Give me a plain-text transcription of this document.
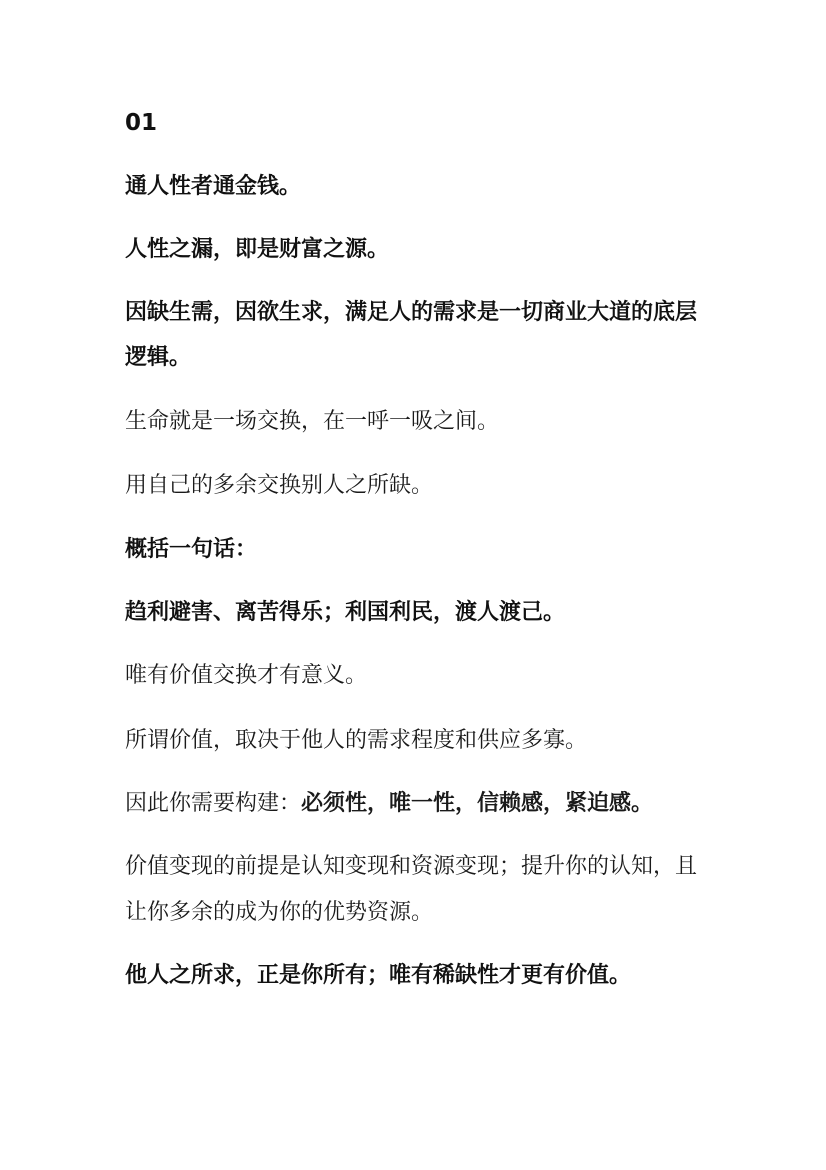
01

通人性者通金钱。

人性之漏，即是财富之源。

因缺生需，因欲生求，满足人的需求是一切商业大道的底层

逻辑。

生命就是一场交换，在一呼一吸之间。

用自己的多余交换别人之所缺。

概括一句话：

趋利避害、离苦得乐；利国利民，渡人渡己。

唯有价值交换才有意义。

所谓价值，取决于他人的需求程度和供应多寡。

因此你需要构建：必须性，唯一性，信赖感，紧迫感。

价值变现的前提是认知变现和资源变现；提升你的认知，且

让你多余的成为你的优势资源。

他人之所求，正是你所有；唯有稀缺性才更有价值。
